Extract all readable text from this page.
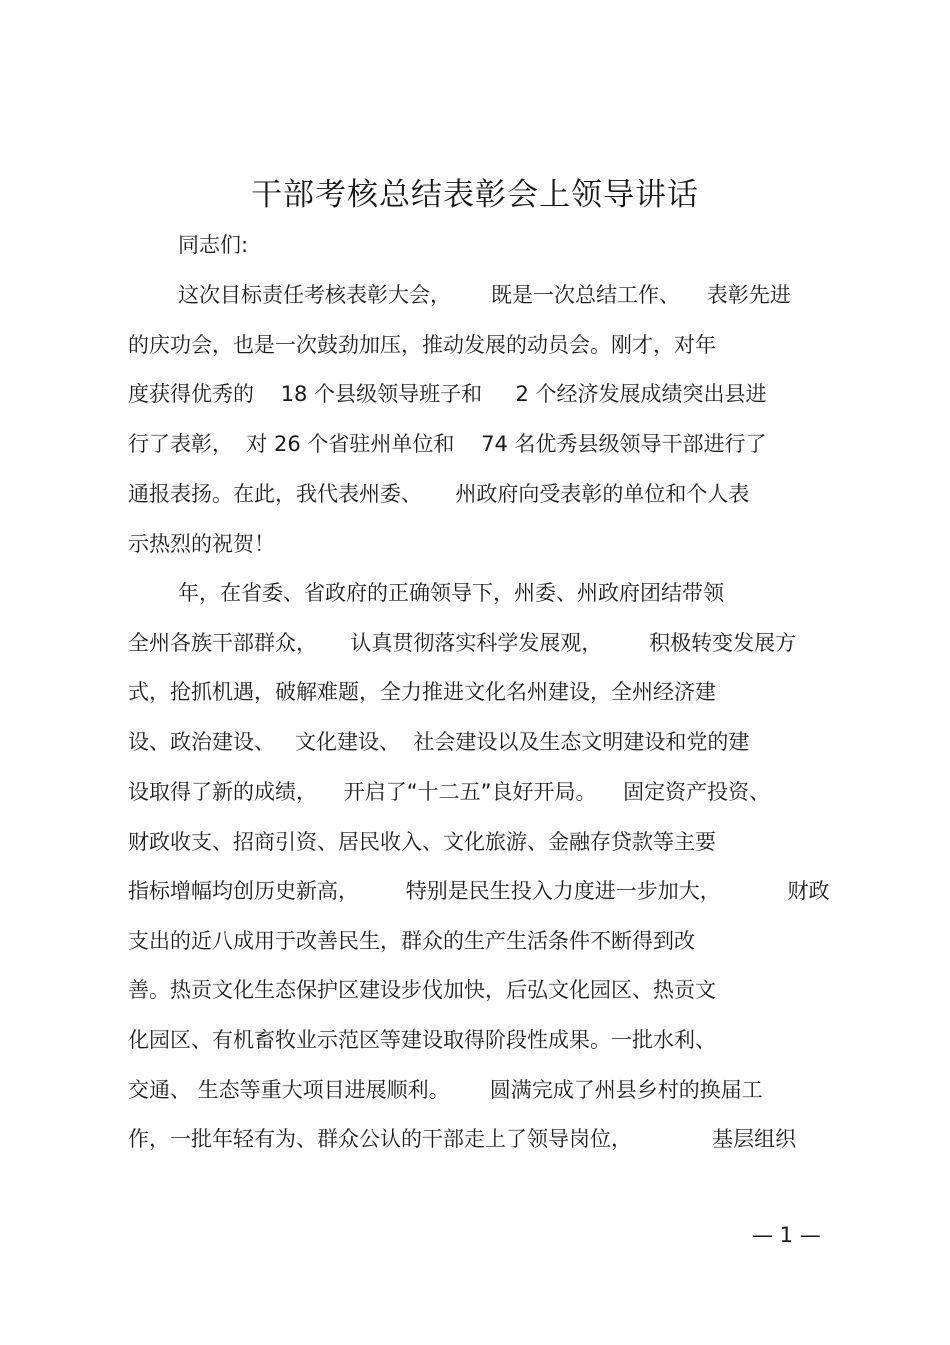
干部考核总结表彰会上领导讲话
同志们:
这次目标责任考核表彰大会，      既是一次总结工作、    表彰先进
的庆功会，也是一次鼓劲加压，推动发展的动员会。刚才，对年
度获得优秀的    18 个县级领导班子和     2 个经济发展成绩突出县进
行了表彰，  对 26 个省驻州单位和    74 名优秀县级领导干部进行了
通报表扬。在此，我代表州委、     州政府向受表彰的单位和个人表
示热烈的祝贺！
年，在省委、省政府的正确领导下，州委、州政府团结带领
全州各族干部群众，     认真贯彻落实科学发展观，       积极转变发展方
式，抢抓机遇，破解难题，全力推进文化名州建设，全州经济建
设、政治建设、   文化建设、  社会建设以及生态文明建设和党的建
设取得了新的成绩，    开启了“十二五”良好开局。    固定资产投资、
财政收支、招商引资、居民收入、文化旅游、金融存贷款等主要
指标增幅均创历史新高，       特别是民生投入力度进一步加大，          财政
支出的近八成用于改善民生，群众的生产生活条件不断得到改
善。热贡文化生态保护区建设步伐加快，后弘文化园区、热贡文
化园区、有机畜牧业示范区等建设取得阶段性成果。一批水利、
交通、 生态等重大项目进展顺利。      圆满完成了州县乡村的换届工
作，一批年轻有为、群众公认的干部走上了领导岗位，            基层组织
— 1 —
